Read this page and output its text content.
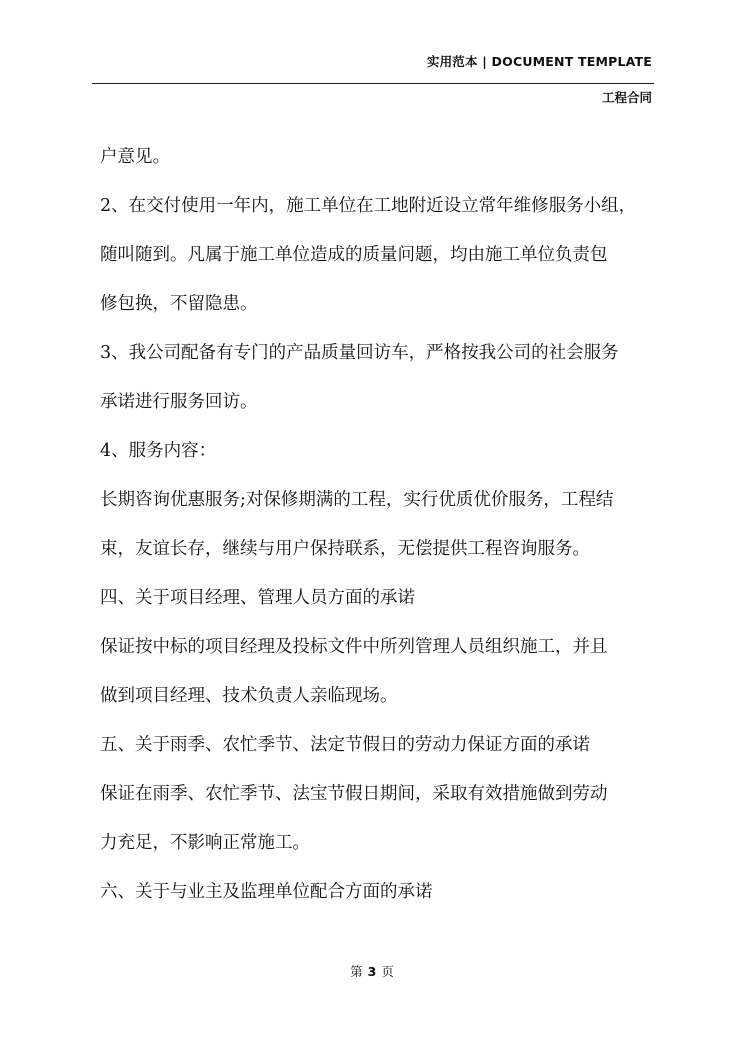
实用范本 | DOCUMENT TEMPLATE
工程合同
户意见。
2、在交付使用一年内，施工单位在工地附近设立常年维修服务小组，
随叫随到。凡属于施工单位造成的质量问题，均由施工单位负责包
修包换，不留隐患。
3、我公司配备有专门的产品质量回访车，严格按我公司的社会服务
承诺进行服务回访。
4、服务内容：
长期咨询优惠服务;对保修期满的工程，实行优质优价服务，工程结
束，友谊长存，继续与用户保持联系，无偿提供工程咨询服务。
四、关于项目经理、管理人员方面的承诺
保证按中标的项目经理及投标文件中所列管理人员组织施工，并且
做到项目经理、技术负责人亲临现场。
五、关于雨季、农忙季节、法定节假日的劳动力保证方面的承诺
保证在雨季、农忙季节、法宝节假日期间，采取有效措施做到劳动
力充足，不影响正常施工。
六、关于与业主及监理单位配合方面的承诺
第 3 页
